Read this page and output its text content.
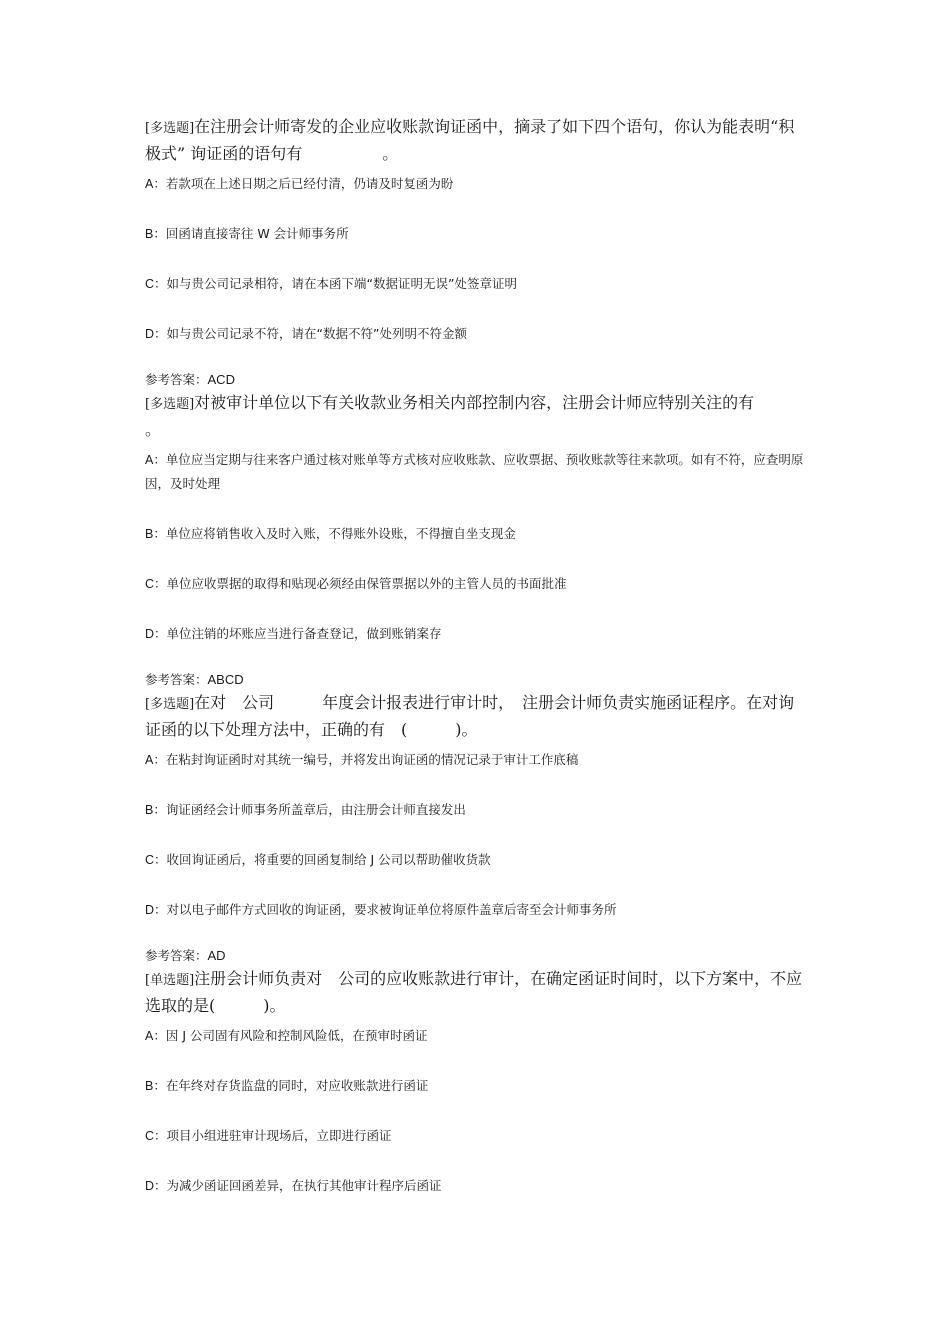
[多选题]在注册会计师寄发的企业应收账款询证函中，摘录了如下四个语句，你认为能表明“积极式” 询证函的语句有　　　　　。

A：若款项在上述日期之后已经付清，仍请及时复函为盼

B：回函请直接寄往 W 会计师事务所

C：如与贵公司记录相符，请在本函下端“数据证明无误”处签章证明

D：如与贵公司记录不符，请在“数据不符”处列明不符金额

参考答案：ACD

[多选题]对被审计单位以下有关收款业务相关内部控制内容，注册会计师应特别关注的有　　　　。

A：单位应当定期与往来客户通过核对账单等方式核对应收账款、应收票据、预收账款等往来款项。如有不符，应查明原因，及时处理

B：单位应将销售收入及时入账，不得账外设账，不得擅自坐支现金

C：单位应收票据的取得和贴现必须经由保管票据以外的主管人员的书面批准

D：单位注销的坏账应当进行备查登记，做到账销案存

参考答案：ABCD

[多选题]在对　公司　　　年度会计报表进行审计时，　注册会计师负责实施函证程序。在对询证函的以下处理方法中，正确的有　(　　　)。

A：在粘封询证函时对其统一编号，并将发出询证函的情况记录于审计工作底稿

B：询证函经会计师事务所盖章后，由注册会计师直接发出

C：收回询证函后，将重要的回函复制给 J 公司以帮助催收货款

D：对以电子邮件方式回收的询证函，要求被询证单位将原件盖章后寄至会计师事务所

参考答案：AD

[单选题]注册会计师负责对　公司的应收账款进行审计，在确定函证时间时，以下方案中，不应选取的是(　　　)。

A：因 J 公司固有风险和控制风险低，在预审时函证

B：在年终对存货监盘的同时，对应收账款进行函证

C：项目小组进驻审计现场后，立即进行函证

D：为减少函证回函差异，在执行其他审计程序后函证
